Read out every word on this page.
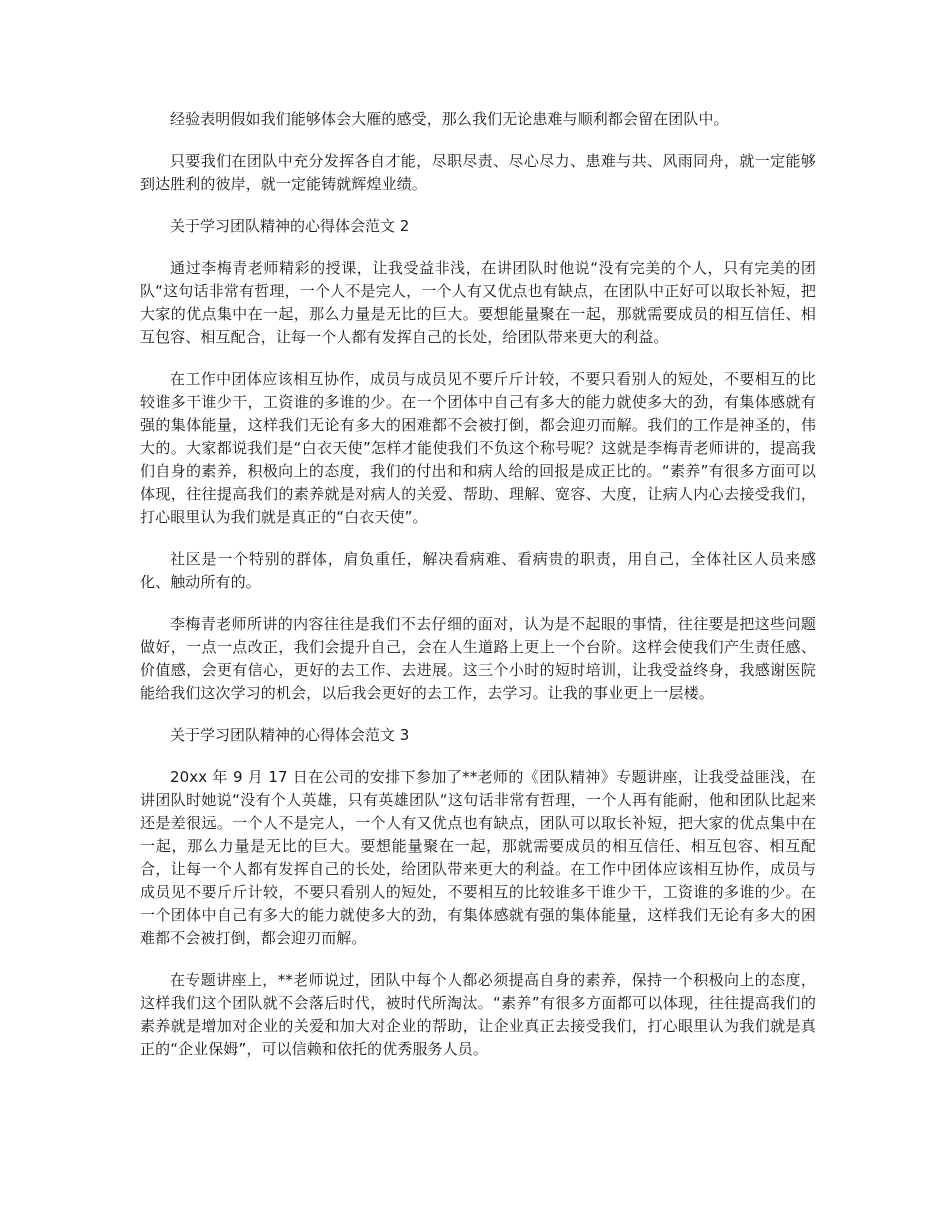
经验表明假如我们能够体会大雁的感受，那么我们无论患难与顺利都会留在团队中。

只要我们在团队中充分发挥各自才能，尽职尽责、尽心尽力、患难与共、风雨同舟，就一定能够到达胜利的彼岸，就一定能铸就辉煌业绩。

关于学习团队精神的心得体会范文 2

通过李梅青老师精彩的授课，让我受益非浅，在讲团队时他说“没有完美的个人，只有完美的团队“这句话非常有哲理，一个人不是完人，一个人有又优点也有缺点，在团队中正好可以取长补短，把大家的优点集中在一起，那么力量是无比的巨大。要想能量聚在一起，那就需要成员的相互信任、相互包容、相互配合，让每一个人都有发挥自己的长处，给团队带来更大的利益。

在工作中团体应该相互协作，成员与成员见不要斤斤计较，不要只看别人的短处，不要相互的比较谁多干谁少干，工资谁的多谁的少。在一个团体中自己有多大的能力就使多大的劲，有集体感就有强的集体能量，这样我们无论有多大的困难都不会被打倒，都会迎刃而解。我们的工作是神圣的，伟大的。大家都说我们是“白衣天使”怎样才能使我们不负这个称号呢？这就是李梅青老师讲的，提高我们自身的素养，积极向上的态度，我们的付出和和病人给的回报是成正比的。“素养”有很多方面可以体现，往往提高我们的素养就是对病人的关爱、帮助、理解、宽容、大度，让病人内心去接受我们，打心眼里认为我们就是真正的“白衣天使”。

社区是一个特别的群体，肩负重任，解决看病难、看病贵的职责，用自己，全体社区人员来感化、触动所有的。

李梅青老师所讲的内容往往是我们不去仔细的面对，认为是不起眼的事情，往往要是把这些问题做好，一点一点改正，我们会提升自己，会在人生道路上更上一个台阶。这样会使我们产生责任感、价值感，会更有信心，更好的去工作、去进展。这三个小时的短时培训，让我受益终身，我感谢医院能给我们这次学习的机会，以后我会更好的去工作，去学习。让我的事业更上一层楼。

关于学习团队精神的心得体会范文 3

20xx 年 9 月 17 日在公司的安排下参加了**老师的《团队精神》专题讲座，让我受益匪浅，在讲团队时她说“没有个人英雄，只有英雄团队“这句话非常有哲理，一个人再有能耐，他和团队比起来还是差很远。一个人不是完人，一个人有又优点也有缺点，团队可以取长补短，把大家的优点集中在一起，那么力量是无比的巨大。要想能量聚在一起，那就需要成员的相互信任、相互包容、相互配合，让每一个人都有发挥自己的长处，给团队带来更大的利益。在工作中团体应该相互协作，成员与成员见不要斤斤计较，不要只看别人的短处，不要相互的比较谁多干谁少干，工资谁的多谁的少。在一个团体中自己有多大的能力就使多大的劲，有集体感就有强的集体能量，这样我们无论有多大的困难都不会被打倒，都会迎刃而解。

在专题讲座上，**老师说过，团队中每个人都必须提高自身的素养，保持一个积极向上的态度，这样我们这个团队就不会落后时代，被时代所淘汰。“素养”有很多方面都可以体现，往往提高我们的素养就是增加对企业的关爱和加大对企业的帮助，让企业真正去接受我们，打心眼里认为我们就是真正的“企业保姆”，可以信赖和依托的优秀服务人员。
